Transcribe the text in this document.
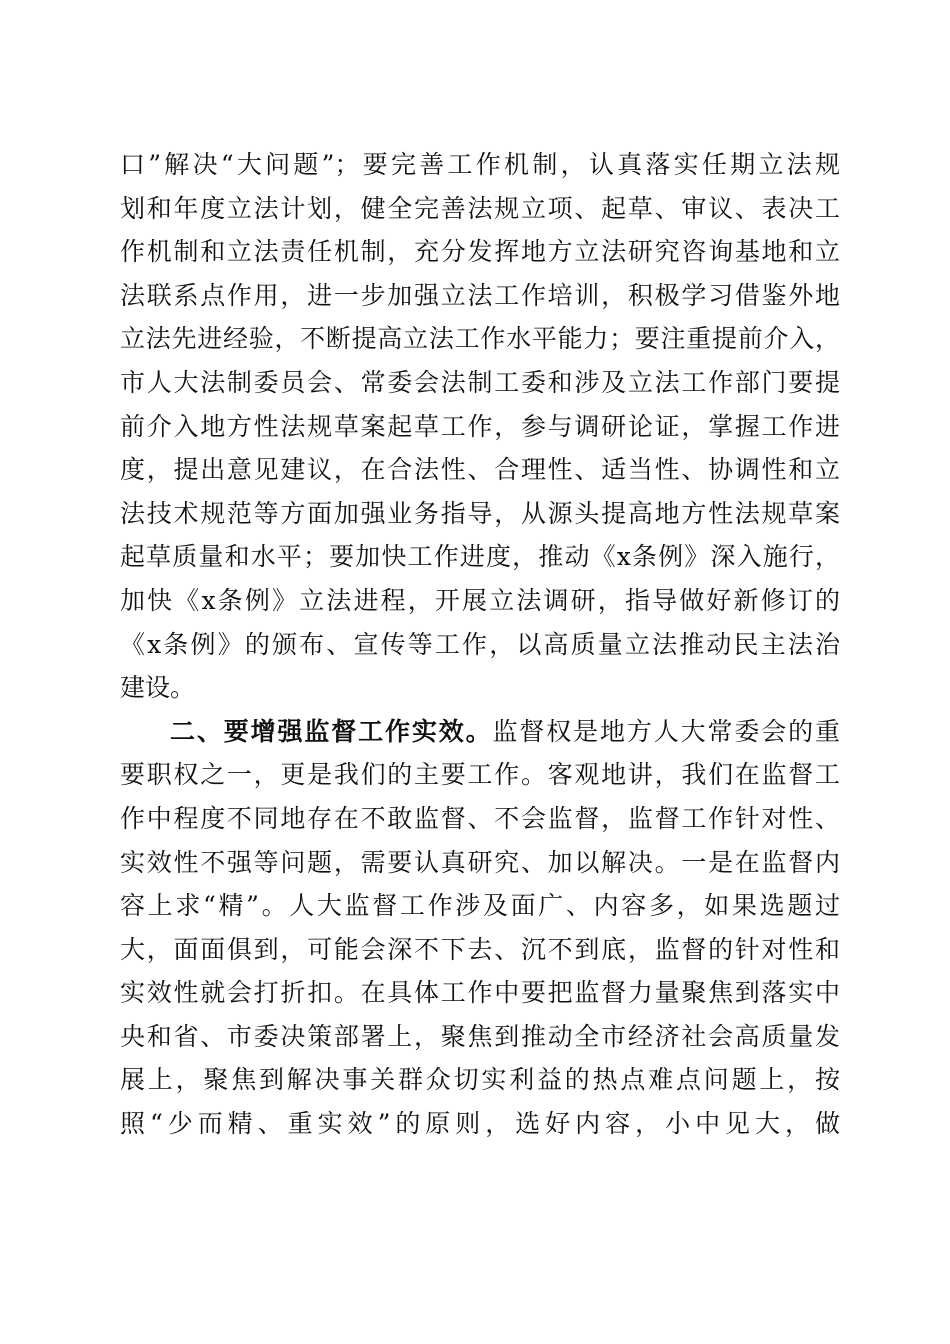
口”解决“大问题”；要完善工作机制，认真落实任期立法规
划和年度立法计划，健全完善法规立项、起草、审议、表决工
作机制和立法责任机制，充分发挥地方立法研究咨询基地和立
法联系点作用，进一步加强立法工作培训，积极学习借鉴外地
立法先进经验，不断提高立法工作水平能力；要注重提前介入，
市人大法制委员会、常委会法制工委和涉及立法工作部门要提
前介入地方性法规草案起草工作，参与调研论证，掌握工作进
度，提出意见建议，在合法性、合理性、适当性、协调性和立
法技术规范等方面加强业务指导，从源头提高地方性法规草案
起草质量和水平；要加快工作进度，推动《x条例》深入施行，
加快《x条例》立法进程，开展立法调研，指导做好新修订的
《x条例》的颁布、宣传等工作，以高质量立法推动民主法治
建设。
二、要增强监督工作实效。监督权是地方人大常委会的重
要职权之一，更是我们的主要工作。客观地讲，我们在监督工
作中程度不同地存在不敢监督、不会监督，监督工作针对性、
实效性不强等问题，需要认真研究、加以解决。一是在监督内
容上求“精”。人大监督工作涉及面广、内容多，如果选题过
大，面面俱到，可能会深不下去、沉不到底，监督的针对性和
实效性就会打折扣。在具体工作中要把监督力量聚焦到落实中
央和省、市委决策部署上，聚焦到推动全市经济社会高质量发
展上，聚焦到解决事关群众切实利益的热点难点问题上，按
照“少而精、重实效”的原则，选好内容，小中见大，做
